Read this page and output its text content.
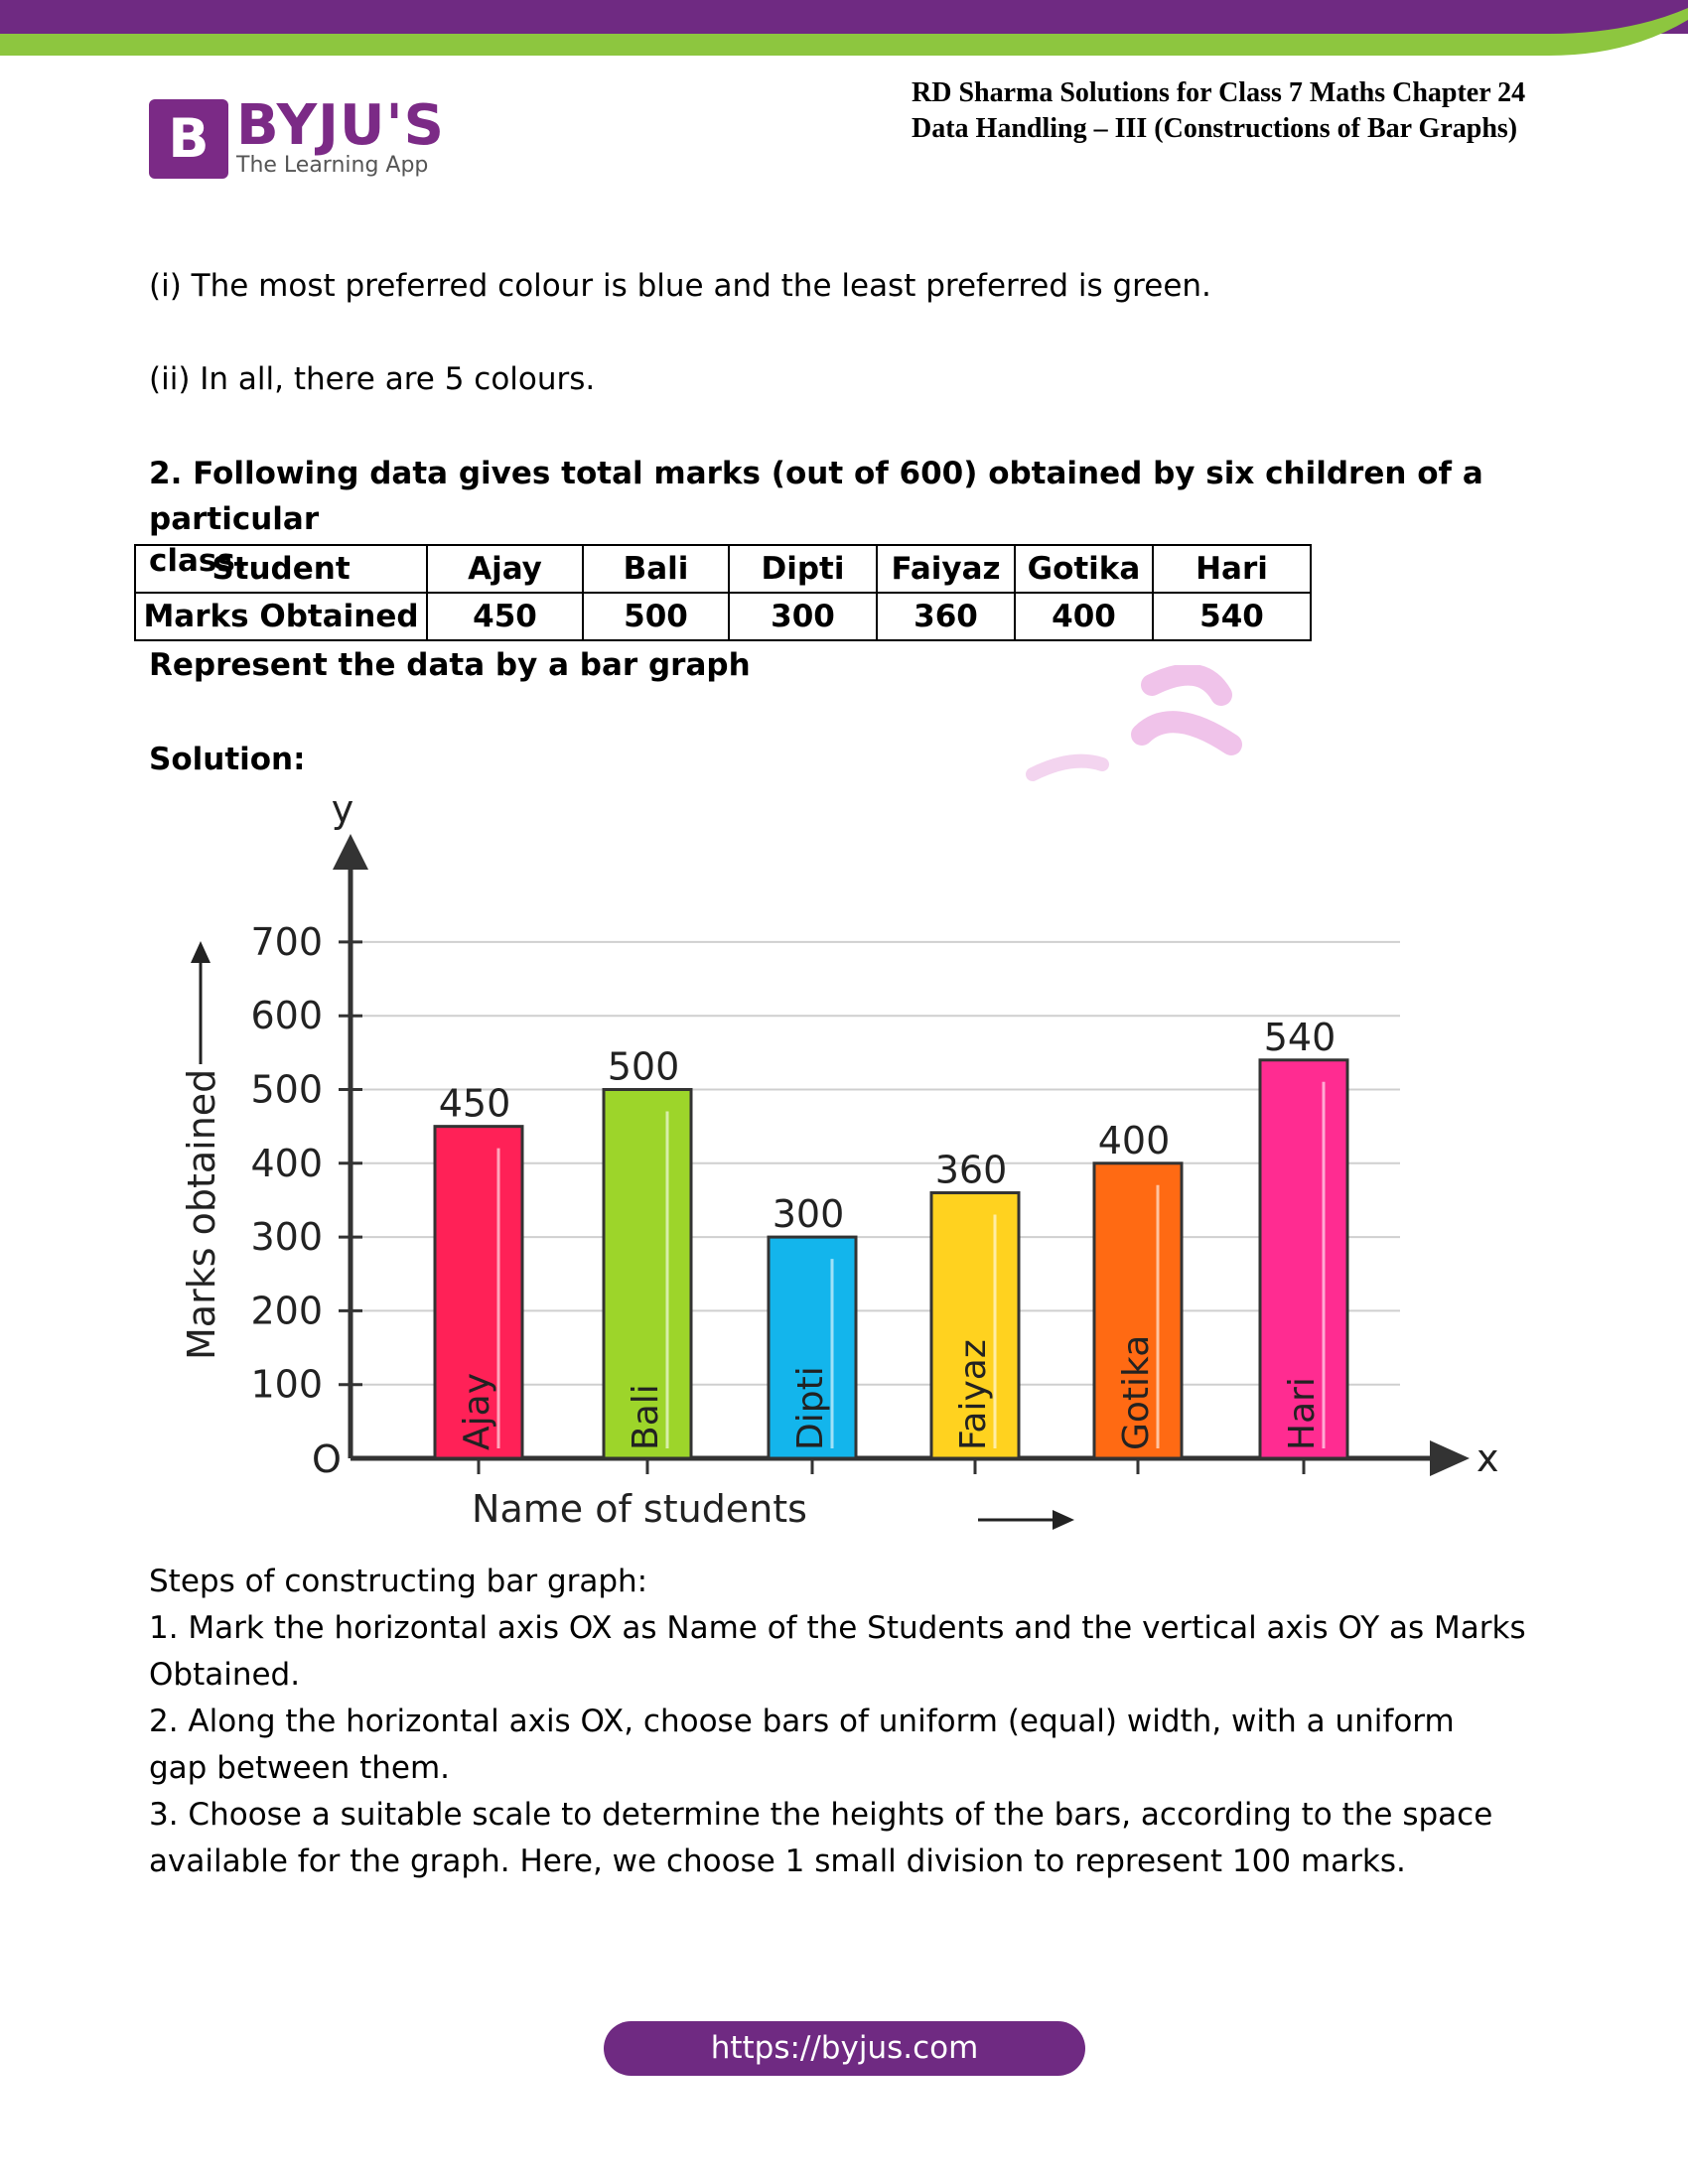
B BYJU'S
The Learning App
RD Sharma Solutions for Class 7 Maths Chapter 24
Data Handling – III (Constructions of Bar Graphs)
(i) The most preferred colour is blue and the least preferred is green.
(ii) In all, there are 5 colours.
2. Following data gives total marks (out of 600) obtained by six children of a particular
class.
Student	Ajay	Bali	Dipti	Faiyaz	Gotika	Hari
Marks Obtained	450	500	300	360	400	540
Represent the data by a bar graph
Solution:
100
200
300
400
500
600
700
y
x
O
450
Ajay
500
Bali
300
Dipti
360
Faiyaz
400
Gotika
540
Hari
Marks obtained
Name of students
Steps of constructing bar graph:
1. Mark the horizontal axis OX as Name of the Students and the vertical axis OY as Marks
Obtained.
2. Along the horizontal axis OX, choose bars of uniform (equal) width, with a uniform
gap between them.
3. Choose a suitable scale to determine the heights of the bars, according to the space
available for the graph. Here, we choose 1 small division to represent 100 marks.
https://byjus.com
